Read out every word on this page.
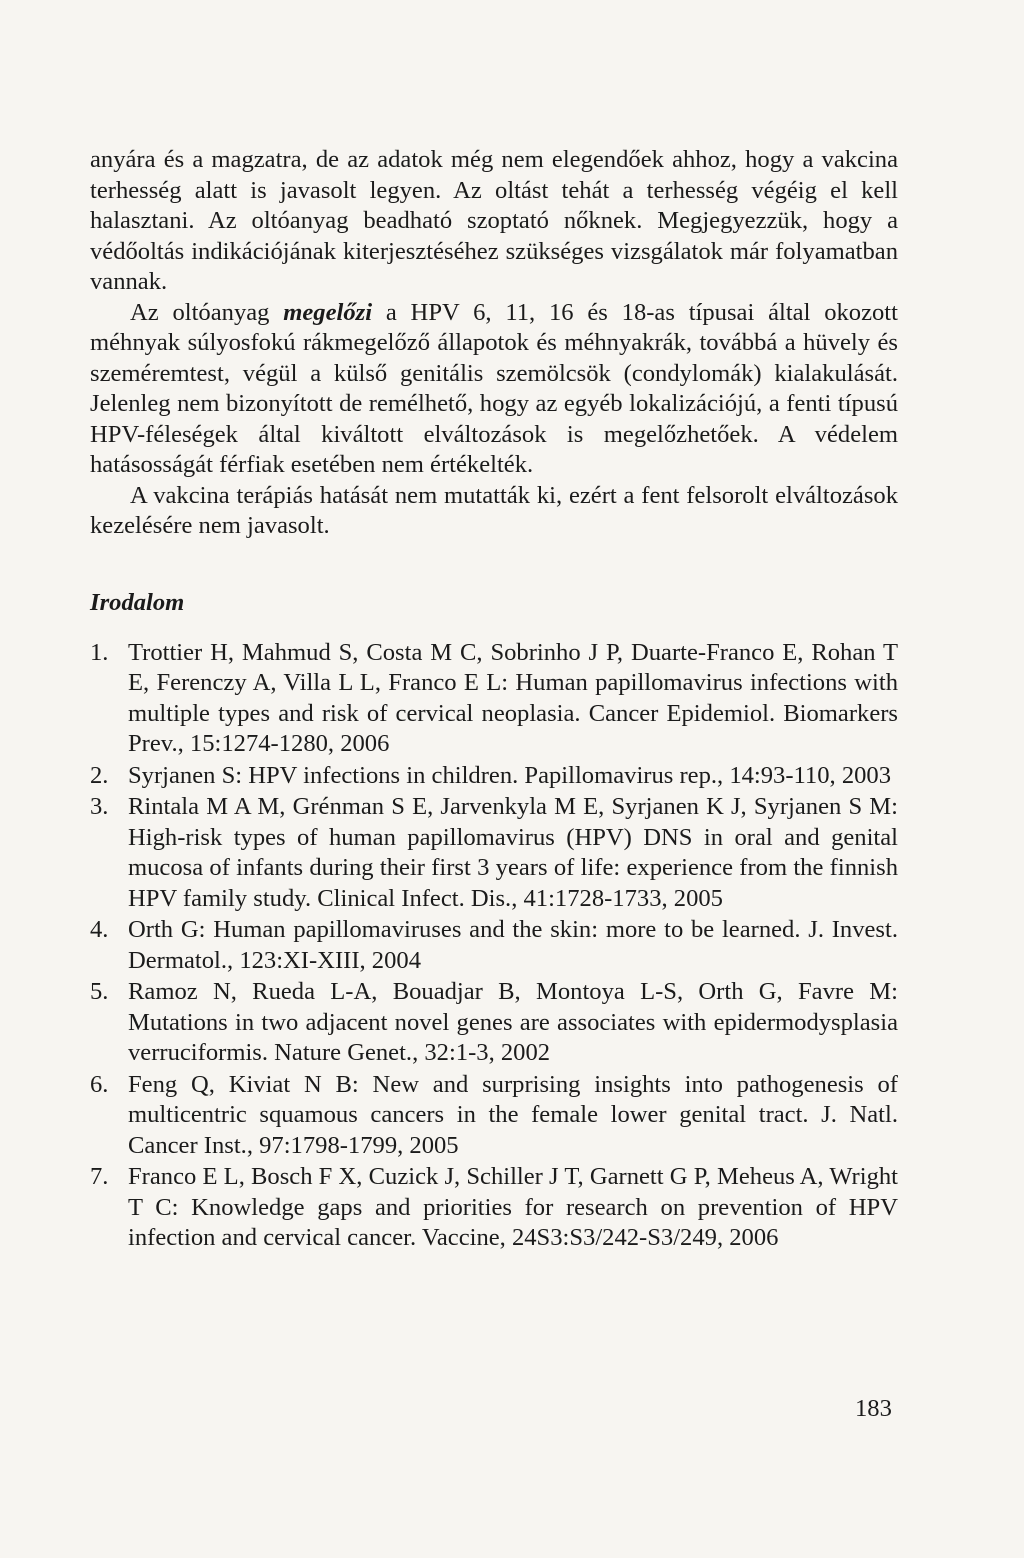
anyára és a magzatra, de az adatok még nem elegendőek ahhoz, hogy a vakcina terhesség alatt is javasolt legyen. Az oltást tehát a terhesség végéig el kell halasztani. Az oltóanyag beadható szoptató nőknek. Megjegyezzük, hogy a védőoltás indikációjának kiterjesztéséhez szükséges vizsgálatok már folyamatban vannak.

Az oltóanyag megelőzi a HPV 6, 11, 16 és 18-as típusai által okozott méhnyak súlyosfokú rákmegelőző állapotok és méhnyakrák, továbbá a hüvely és szeméremtest, végül a külső genitális szemölcsök (condylomák) kialakulását. Jelenleg nem bizonyított de remélhető, hogy az egyéb lokalizációjú, a fenti típusú HPV-féleségek által kiváltott elváltozások is megelőzhetőek. A védelem hatásosságát férfiak esetében nem értékelték.

A vakcina terápiás hatását nem mutatták ki, ezért a fent felsorolt elváltozások kezelésére nem javasolt.

Irodalom
1. Trottier H, Mahmud S, Costa M C, Sobrinho J P, Duarte-Franco E, Rohan T E, Ferenczy A, Villa L L, Franco E L: Human papillomavirus infections with multiple types and risk of cervical neoplasia. Cancer Epidemiol. Biomarkers Prev., 15:1274-1280, 2006
2. Syrjanen S: HPV infections in children. Papillomavirus rep., 14:93-110, 2003
3. Rintala M A M, Grénman S E, Jarvenkyla M E, Syrjanen K J, Syrjanen S M: High-risk types of human papillomavirus (HPV) DNS in oral and genital mucosa of infants during their first 3 years of life: experience from the finnish HPV family study. Clinical Infect. Dis., 41:1728-1733, 2005
4. Orth G: Human papillomaviruses and the skin: more to be learned. J. Invest. Dermatol., 123:XI-XIII, 2004
5. Ramoz N, Rueda L-A, Bouadjar B, Montoya L-S, Orth G, Favre M: Mutations in two adjacent novel genes are associates with epidermodysplasia verruciformis. Nature Genet., 32:1-3, 2002
6. Feng Q, Kiviat N B: New and surprising insights into pathogenesis of multicentric squamous cancers in the female lower genital tract. J. Natl. Cancer Inst., 97:1798-1799, 2005
7. Franco E L, Bosch F X, Cuzick J, Schiller J T, Garnett G P, Meheus A, Wright T C: Knowledge gaps and priorities for research on prevention of HPV infection and cervical cancer. Vaccine, 24S3:S3/242-S3/249, 2006
183
